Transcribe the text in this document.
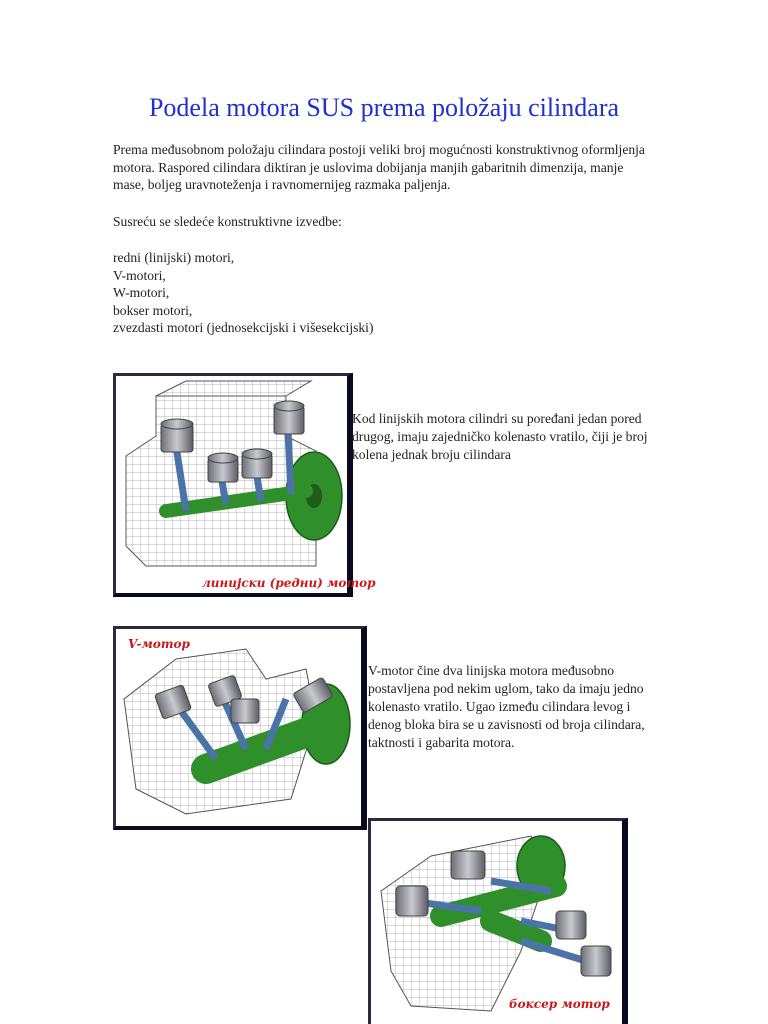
Podela motora SUS prema položaju cilindara
Prema međusobnom položaju cilindara postoji veliki broj mogućnosti konstruktivnog oformljenja motora. Raspored cilindara diktiran je uslovima dobijanja manjih gabaritnih dimenzija, manje mase, boljeg uravnoteženja i ravnomernijeg razmaka paljenja.
Susreću se sledeće konstruktivne izvedbe:
redni (linijski) motori,
V-motori,
W-motori,
bokser motori,
zvezdasti motori (jednosekcijski i višesekcijski)
линијски (редни) мотор
Kod linijskih motora cilindri su poređani jedan pored drugog, imaju zajedničko kolenasto vratilo, čiji je broj kolena jednak broju cilindara
V-мотор
V-motor čine dva linijska motora međusobno postavljena pod nekim uglom, tako da imaju jedno kolenasto vratilo. Ugao između cilindara levog i denog bloka bira se u zavisnosti od broja cilindara, taktnosti i gabarita motora.
боксер мотор
